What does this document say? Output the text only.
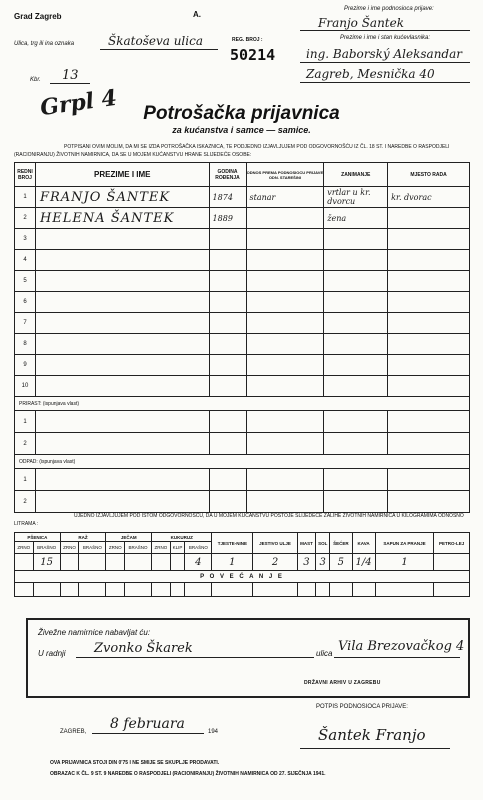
Grad Zagreb	A.
Prezime i ime podnosioca prijave:
Franjo Šantek
Ulica, trg ili ina oznaka	Škatoševa ulica	REG. BROJ :
50214
Prezime i ime i stan kućevlasnika:
ing. Baborský Aleksandar
Zagreb, Mesnička 40
Kbr. 13
Grpl 4	Potrošačka prijavnica
za kućanstva i samce — samice.
POTPISANI OVIM MOLIM, DA MI SE IZDA POTROŠAČKA ISKAZNICA, TE PODJEDNO IZJAVLJUJEM POD ODGOVORNOŠĆU IZ ČL. 18 ST. I NAREDBE O RASPODJELI (RACIONIRANJU) ŽIVOTNIH NAMIRNICA, DA SE U MOJEM KUĆANSTVU HRANE SLIJEDEĆE OSOBE:
REDNI BROJ	PREZIME I IME	GODINA ROĐENJA	ODNOS PREMA PODNOSIOCU PRIJAVE ODN. STAREŠINI	ZANIMANJE	MJESTO RADA
1	FRANJO ŠANTEK	1874	stanar	vrtlar u kr. dvorcu	kr. dvorac
2	HELENA ŠANTEK	1889		žena	
3					
4					
5					
6					
7					
8					
9					
10					
PRIRAST: (ispunjava vlast)					
1					
2					
ODPAD: (ispunjava vlast)					
1					
2					
UJEDNO IZJAVLJUJEM POD ISTOM ODGOVORNOŠĆU, DA U MOJEM KUĆANSTVU POSTOJE SLIJEDEĆE ZALIHE ŽIVOTNIH NAMIRNICA U KILOGRAMIMA ODNOSNO LITRAMA :
PŠENICA		RAŽ		JEČAM		KUKURUZ			TJESTE-NINE	JESTIVO ULJE	MAST	SOL	ŠEĆER	KAVA	SAPUN ZA PRANJE	PETRO-LEJ
ZRNO	BRAŠNO	ZRNO	BRAŠNO	ZRNO	BRAŠNO	ZRNO	KLIP	BRAŠNO								
	15							4	1	2	3	3	5	1/4	1	
P O V E Ć A N J E																

Živežne namirnice nabavljat ću:
U radnji Zvonko Škarek	ulica Vila Brezovačkog 4
DRŽAVNI ARHIV U ZAGREBU
ZAGREB, 8 februara	194
POTPIS PODNOSIOCA PRIJAVE:
Šantek Franjo
OVA PRIJAVNICA STOJI DIN 0'75 I NE SMIJE SE SKUPLJE PRODAVATI.
OBRAZAC K ČL. 9 ST. 9 NAREDBE O RASPODJELI (RACIONIRANJU) ŽIVOTNIH NAMIRNICA OD 27. SIJEČNJA 1941.
